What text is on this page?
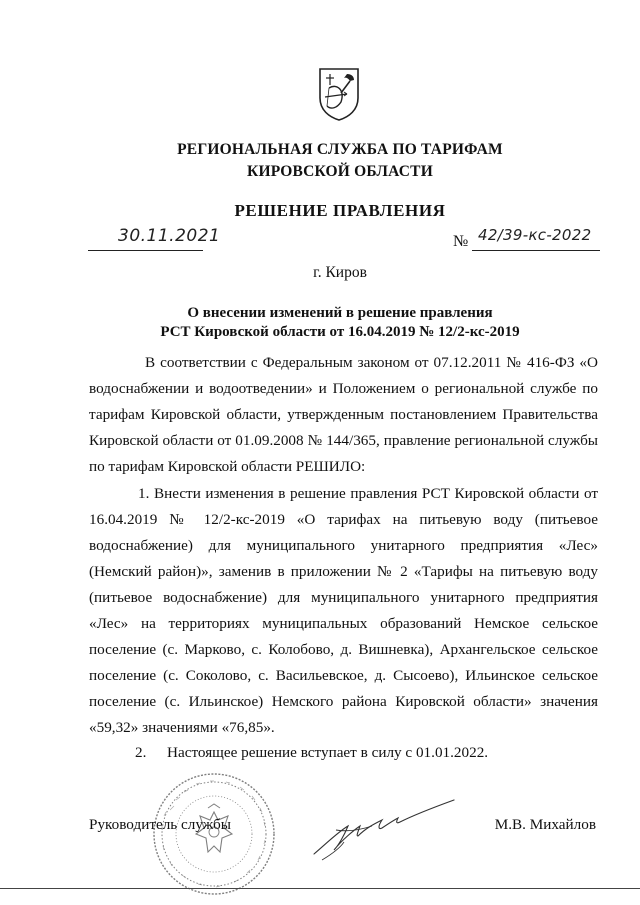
РЕГИОНАЛЬНАЯ СЛУЖБА ПО ТАРИФАМ
КИРОВСКОЙ ОБЛАСТИ
РЕШЕНИЕ ПРАВЛЕНИЯ
30.11.2021	№ 42/39-кс-2022
г. Киров
О внесении изменений в решение правления
РСТ Кировской области от 16.04.2019 № 12/2-кс-2019

В соответствии с Федеральным законом от 07.12.2011 № 416-ФЗ «О водоснабжении и водоотведении» и Положением о региональной службе по тарифам Кировской области, утвержденным постановлением Правительства Кировской области от 01.09.2008 № 144/365, правление региональной службы по тарифам Кировской области РЕШИЛО:

1. Внести изменения в решение правления РСТ Кировской области от 16.04.2019 № 12/2-кс-2019 «О тарифах на питьевую воду (питьевое водоснабжение) для муниципального унитарного предприятия «Лес» (Немский район)», заменив в приложении № 2 «Тарифы на питьевую воду (питьевое водоснабжение) для муниципального унитарного предприятия «Лес» на территориях муниципальных образований Немское сельское поселение (с. Марково, с. Колобово, д. Вишневка), Архангельское сельское поселение (с. Соколово, с. Васильевское, д. Сысоево), Ильинское сельское поселение (с. Ильинское) Немского района Кировской области» значения «59,32» значениями «76,85».

2. Настоящее решение вступает в силу с 01.01.2022.
Руководитель службы	М.В. Михайлов
